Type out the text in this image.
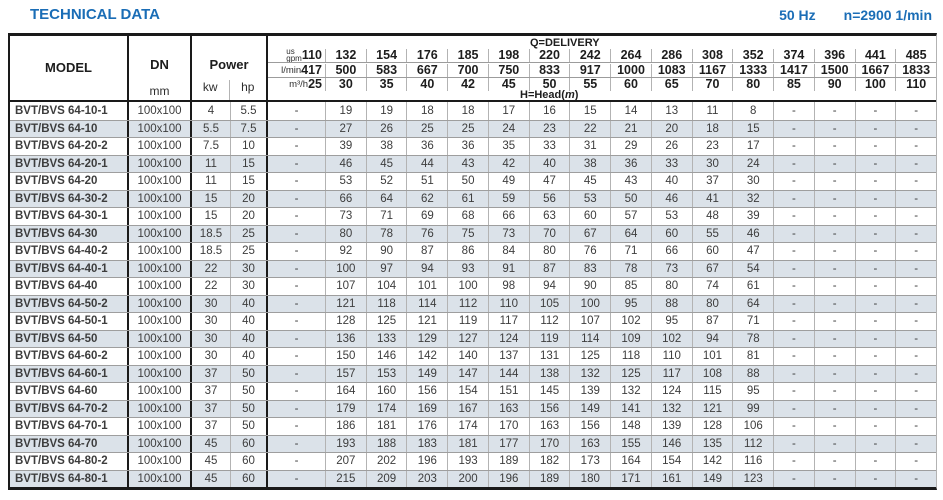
TECHNICAL DATA	50 Hz n=2900 1/min
MODEL	DN
mm
Power
kw	hp
Q=DELIVERY
us
gpm 110	132	154	176	185	198	220	242	264	286	308	352	374	396	441	485
l/min 417	500	583	667	700	750	833	917	1000	1083	1167	1333	1417	1500	1667	1833
m³/h 25	30	35	40	42	45	50	55	60	65	70	80	85	90	100	110
H=Head(m)
BVT/BVS 64-10-1	100x100	4	5.5	-	19	19	18	18	17	16	15	14	13	11	8	-	-	-	-
BVT/BVS 64-10	100x100	5.5	7.5	-	27	26	25	25	24	23	22	21	20	18	15	-	-	-	-
BVT/BVS 64-20-2	100x100	7.5	10	-	39	38	36	36	35	33	31	29	26	23	17	-	-	-	-
BVT/BVS 64-20-1	100x100	11	15	-	46	45	44	43	42	40	38	36	33	30	24	-	-	-	-
BVT/BVS 64-20	100x100	11	15	-	53	52	51	50	49	47	45	43	40	37	30	-	-	-	-
BVT/BVS 64-30-2	100x100	15	20	-	66	64	62	61	59	56	53	50	46	41	32	-	-	-	-
BVT/BVS 64-30-1	100x100	15	20	-	73	71	69	68	66	63	60	57	53	48	39	-	-	-	-
BVT/BVS 64-30	100x100	18.5	25	-	80	78	76	75	73	70	67	64	60	55	46	-	-	-	-
BVT/BVS 64-40-2	100x100	18.5	25	-	92	90	87	86	84	80	76	71	66	60	47	-	-	-	-
BVT/BVS 64-40-1	100x100	22	30	-	100	97	94	93	91	87	83	78	73	67	54	-	-	-	-
BVT/BVS 64-40	100x100	22	30	-	107	104	101	100	98	94	90	85	80	74	61	-	-	-	-
BVT/BVS 64-50-2	100x100	30	40	-	121	118	114	112	110	105	100	95	88	80	64	-	-	-	-
BVT/BVS 64-50-1	100x100	30	40	-	128	125	121	119	117	112	107	102	95	87	71	-	-	-	-
BVT/BVS 64-50	100x100	30	40	-	136	133	129	127	124	119	114	109	102	94	78	-	-	-	-
BVT/BVS 64-60-2	100x100	30	40	-	150	146	142	140	137	131	125	118	110	101	81	-	-	-	-
BVT/BVS 64-60-1	100x100	37	50	-	157	153	149	147	144	138	132	125	117	108	88	-	-	-	-
BVT/BVS 64-60	100x100	37	50	-	164	160	156	154	151	145	139	132	124	115	95	-	-	-	-
BVT/BVS 64-70-2	100x100	37	50	-	179	174	169	167	163	156	149	141	132	121	99	-	-	-	-
BVT/BVS 64-70-1	100x100	37	50	-	186	181	176	174	170	163	156	148	139	128	106	-	-	-	-
BVT/BVS 64-70	100x100	45	60	-	193	188	183	181	177	170	163	155	146	135	112	-	-	-	-
BVT/BVS 64-80-2	100x100	45	60	-	207	202	196	193	189	182	173	164	154	142	116	-	-	-	-
BVT/BVS 64-80-1	100x100	45	60	-	215	209	203	200	196	189	180	171	161	149	123	-	-	-	-
